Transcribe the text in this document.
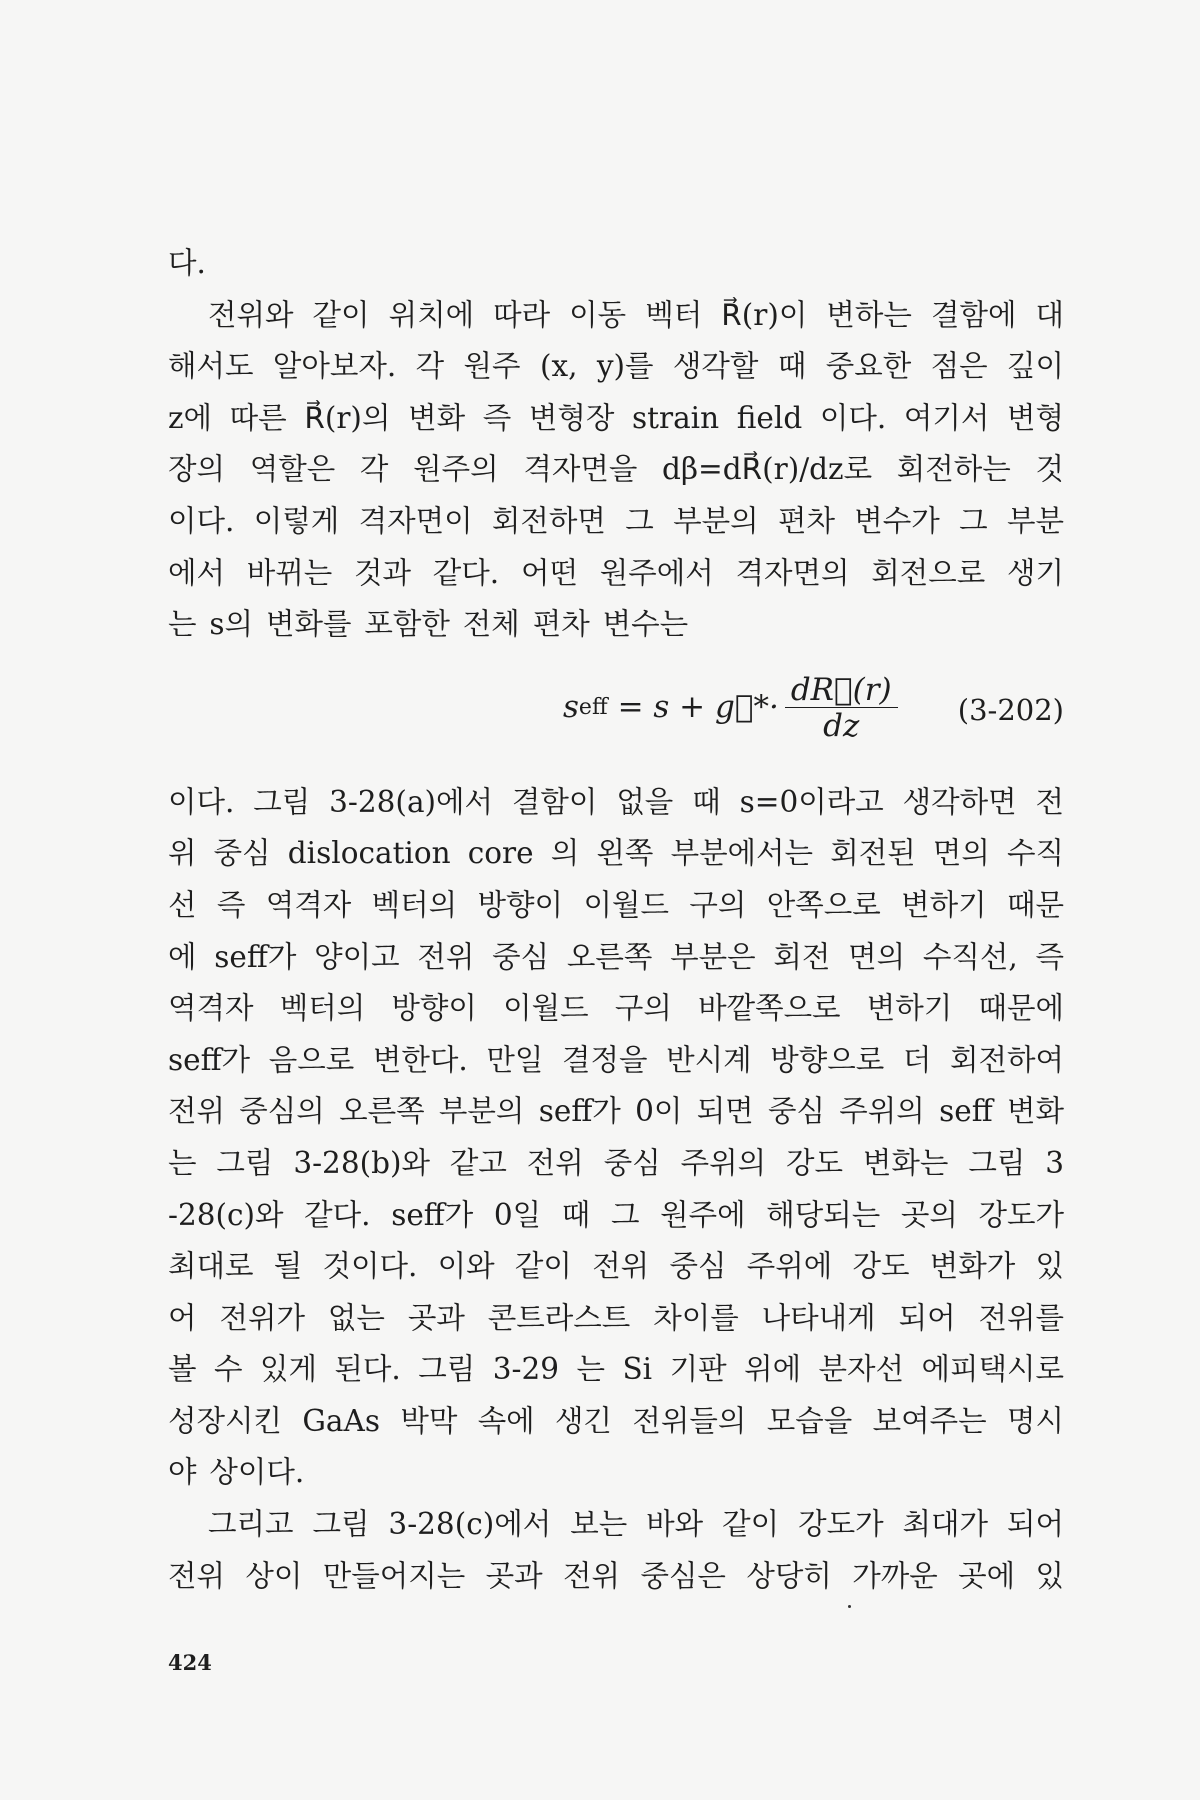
다.
전위와 같이 위치에 따라 이동 벡터 R⃗(r)이 변하는 결함에 대
해서도 알아보자. 각 원주 (x, y)를 생각할 때 중요한 점은 깊이
z에 따른 R⃗(r)의 변화 즉 변형장 strain field 이다. 여기서 변형
장의 역할은 각 원주의 격자면을 dβ=dR⃗(r)/dz로 회전하는 것
이다. 이렇게 격자면이 회전하면 그 부분의 편차 변수가 그 부분
에서 바뀌는 것과 같다. 어떤 원주에서 격자면의 회전으로 생기
는 s의 변화를 포함한 전체 편차 변수는
s eff = s + g⃗*· $\frac{dR⃗(r)}{dz} (3-202)$
이다. 그림 3-28(a)에서 결함이 없을 때 s=0이라고 생각하면 전
위 중심 dislocation core 의 왼쪽 부분에서는 회전된 면의 수직
선 즉 역격자 벡터의 방향이 이월드 구의 안쪽으로 변하기 때문
에 seff가 양이고 전위 중심 오른쪽 부분은 회전 면의 수직선, 즉
역격자 벡터의 방향이 이월드 구의 바깥쪽으로 변하기 때문에
seff가 음으로 변한다. 만일 결정을 반시계 방향으로 더 회전하여
전위 중심의 오른쪽 부분의 seff가 0이 되면 중심 주위의 seff 변화
는 그림 3-28(b)와 같고 전위 중심 주위의 강도 변화는 그림 3
-28(c)와 같다. seff가 0일 때 그 원주에 해당되는 곳의 강도가
최대로 될 것이다. 이와 같이 전위 중심 주위에 강도 변화가 있
어 전위가 없는 곳과 콘트라스트 차이를 나타내게 되어 전위를
볼 수 있게 된다. 그림 3-29 는 Si 기판 위에 분자선 에피택시로
성장시킨 GaAs 박막 속에 생긴 전위들의 모습을 보여주는 명시
야 상이다.
그리고 그림 3-28(c)에서 보는 바와 같이 강도가 최대가 되어
전위 상이 만들어지는 곳과 전위 중심은 상당히 가까운 곳에 있
424
